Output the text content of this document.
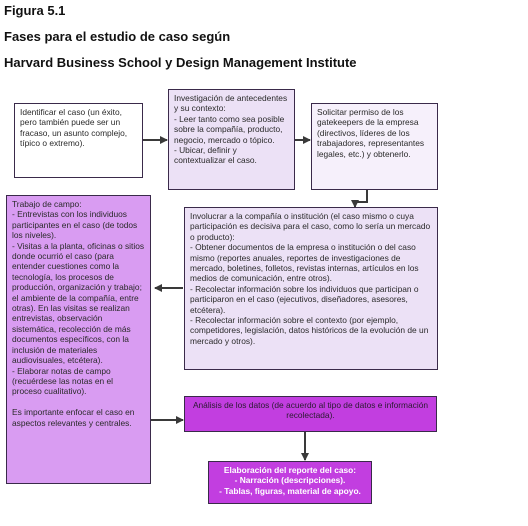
Figura 5.1

Fases para el estudio de caso según

Harvard Business School y Design Management Institute

Identificar el caso (un éxito, pero también puede ser un fracaso, un asunto complejo, típico o extremo).
Investigación de antecedentes y su contexto:
- Leer tanto como sea posible sobre la compañía, producto, negocio, mercado o tópico.
- Ubicar, definir y contextualizar el caso.
Solicitar permiso de los gatekeepers de la empresa (directivos, líderes de los trabajadores, representantes legales, etc.) y obtenerlo.
Trabajo de campo:
- Entrevistas con los individuos participantes en el caso (de todos los niveles).
- Visitas a la planta, oficinas o sitios donde ocurrió el caso (para entender cuestiones como la tecnología, los procesos de producción, organización y trabajo; el ambiente de la compañía, entre otras). En las visitas se realizan entrevistas, observación sistemática, recolección de más documentos específicos, con la inclusión de materiales audiovisuales, etcétera).
- Elaborar notas de campo (recuérdese las notas en el proceso cualitativo).

Es importante enfocar el caso en aspectos relevantes y centrales.
Involucrar a la compañía o institución (el caso mismo o cuya participación es decisiva para el caso, como lo sería un mercado o producto):
- Obtener documentos de la empresa o institución o del caso mismo (reportes anuales, reportes de investigaciones de mercado, boletines, folletos, revistas internas, artículos en los medios de comunicación, entre otros).
- Recolectar información sobre los individuos que participan o participaron en el caso (ejecutivos, diseñadores, asesores, etcétera).
- Recolectar información sobre el contexto (por ejemplo, competidores, legislación, datos históricos de la evolución de un mercado y otros).
Análisis de los datos (de acuerdo al tipo de datos e información recolectada).
Elaboración del reporte del caso:
- Narración (descripciones).
- Tablas, figuras, material de apoyo.
